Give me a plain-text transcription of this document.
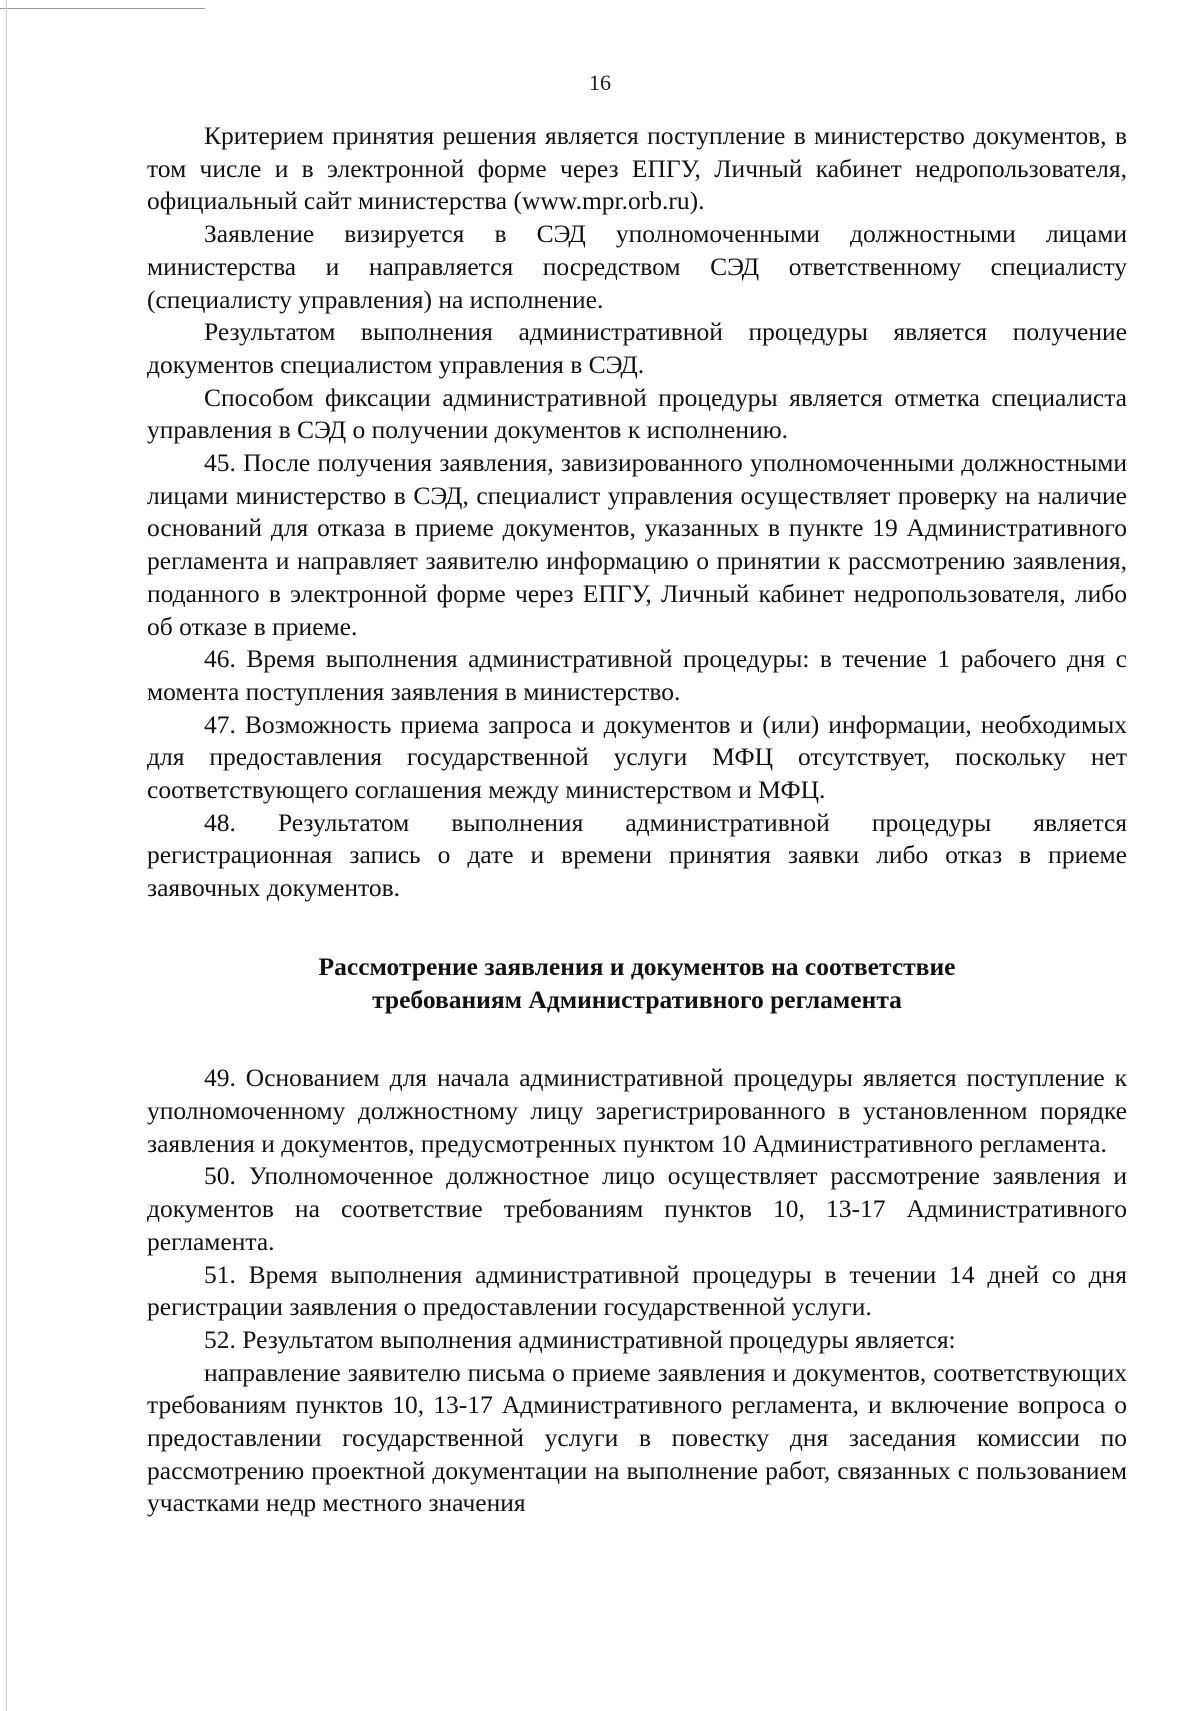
16

Критерием принятия решения является поступление в министерство документов, в том числе и в электронной форме через ЕПГУ, Личный кабинет недропользователя, официальный сайт министерства (www.mpr.orb.ru).

Заявление визируется в СЭД уполномоченными должностными лицами министерства и направляется посредством СЭД ответственному специалисту (специалисту управления) на исполнение.

Результатом выполнения административной процедуры является получение документов специалистом управления в СЭД.

Способом фиксации административной процедуры является отметка специалиста управления в СЭД о получении документов к исполнению.

45. После получения заявления, завизированного уполномоченными должностными лицами министерство в СЭД, специалист управления осуществляет проверку на наличие оснований для отказа в приеме документов, указанных в пункте 19 Административного регламента и направляет заявителю информацию о принятии к рассмотрению заявления, поданного в электронной форме через ЕПГУ, Личный кабинет недропользователя, либо об отказе в приеме.

46. Время выполнения административной процедуры: в течение 1 рабочего дня с момента поступления заявления в министерство.

47. Возможность приема запроса и документов и (или) информации, необходимых для предоставления государственной услуги МФЦ отсутствует, поскольку нет соответствующего соглашения между министерством и МФЦ.

48. Результатом выполнения административной процедуры является регистрационная запись о дате и времени принятия заявки либо отказ в приеме заявочных документов.

Рассмотрение заявления и документов на соответствие
требованиям Административного регламента

49. Основанием для начала административной процедуры является поступление к уполномоченному должностному лицу зарегистрированного в установленном порядке заявления и документов, предусмотренных пунктом 10 Административного регламента.

50. Уполномоченное должностное лицо осуществляет рассмотрение заявления и документов на соответствие требованиям пунктов 10, 13-17 Административного регламента.

51. Время выполнения административной процедуры в течении 14 дней со дня регистрации заявления о предоставлении государственной услуги.

52. Результатом выполнения административной процедуры является:

направление заявителю письма о приеме заявления и документов, соответствующих требованиям пунктов 10, 13-17 Административного регламента, и включение вопроса о предоставлении государственной услуги в повестку дня заседания комиссии по рассмотрению проектной документации на выполнение работ, связанных с пользованием участками недр местного значения
